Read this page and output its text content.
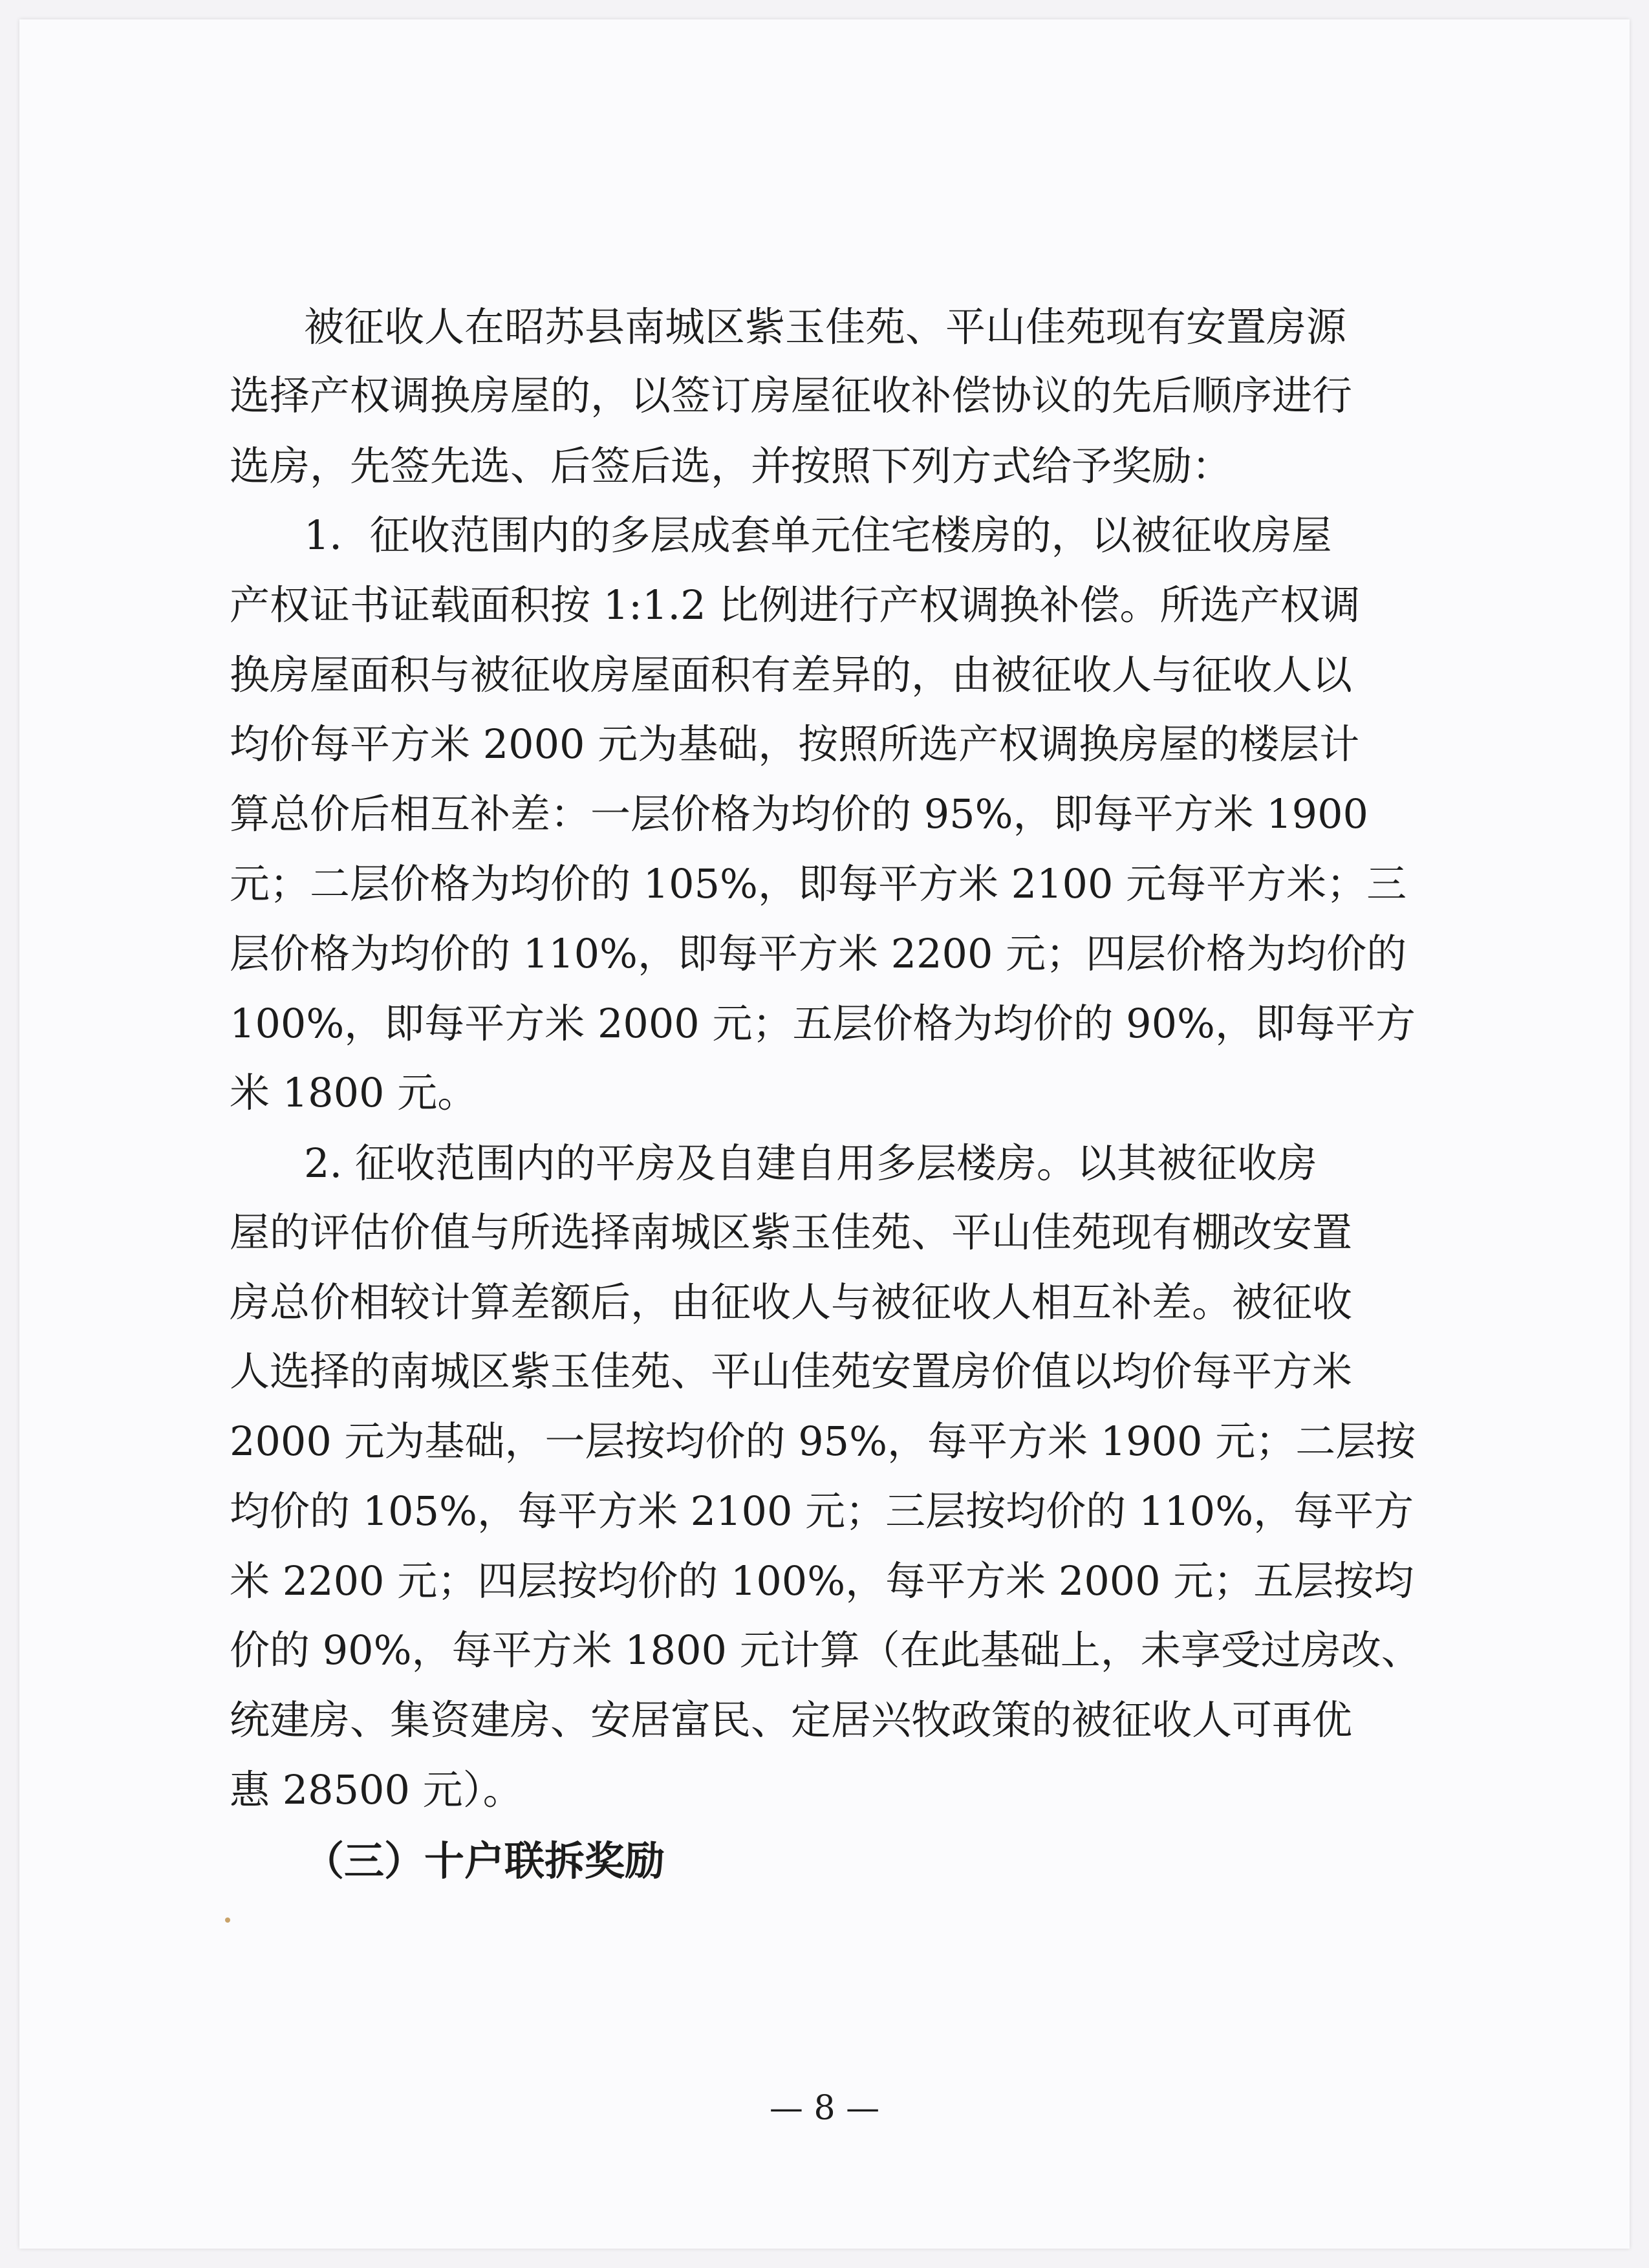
被征收人在昭苏县南城区紫玉佳苑、平山佳苑现有安置房源
选择产权调换房屋的，以签订房屋征收补偿协议的先后顺序进行
选房，先签先选、后签后选，并按照下列方式给予奖励：
1．征收范围内的多层成套单元住宅楼房的，以被征收房屋
产权证书证载面积按 1:1.2 比例进行产权调换补偿。所选产权调
换房屋面积与被征收房屋面积有差异的，由被征收人与征收人以
均价每平方米 2000 元为基础，按照所选产权调换房屋的楼层计
算总价后相互补差：一层价格为均价的 95%，即每平方米 1900
元；二层价格为均价的 105%，即每平方米 2100 元每平方米；三
层价格为均价的 110%，即每平方米 2200 元；四层价格为均价的
100%，即每平方米 2000 元；五层价格为均价的 90%，即每平方
米 1800 元。
2. 征收范围内的平房及自建自用多层楼房。以其被征收房
屋的评估价值与所选择南城区紫玉佳苑、平山佳苑现有棚改安置
房总价相较计算差额后，由征收人与被征收人相互补差。被征收
人选择的南城区紫玉佳苑、平山佳苑安置房价值以均价每平方米
2000 元为基础，一层按均价的 95%，每平方米 1900 元；二层按
均价的 105%，每平方米 2100 元；三层按均价的 110%，每平方
米 2200 元；四层按均价的 100%，每平方米 2000 元；五层按均
价的 90%，每平方米 1800 元计算（在此基础上，未享受过房改、
统建房、集资建房、安居富民、定居兴牧政策的被征收人可再优
惠 28500 元）。
（三）十户联拆奖励
— 8 —
